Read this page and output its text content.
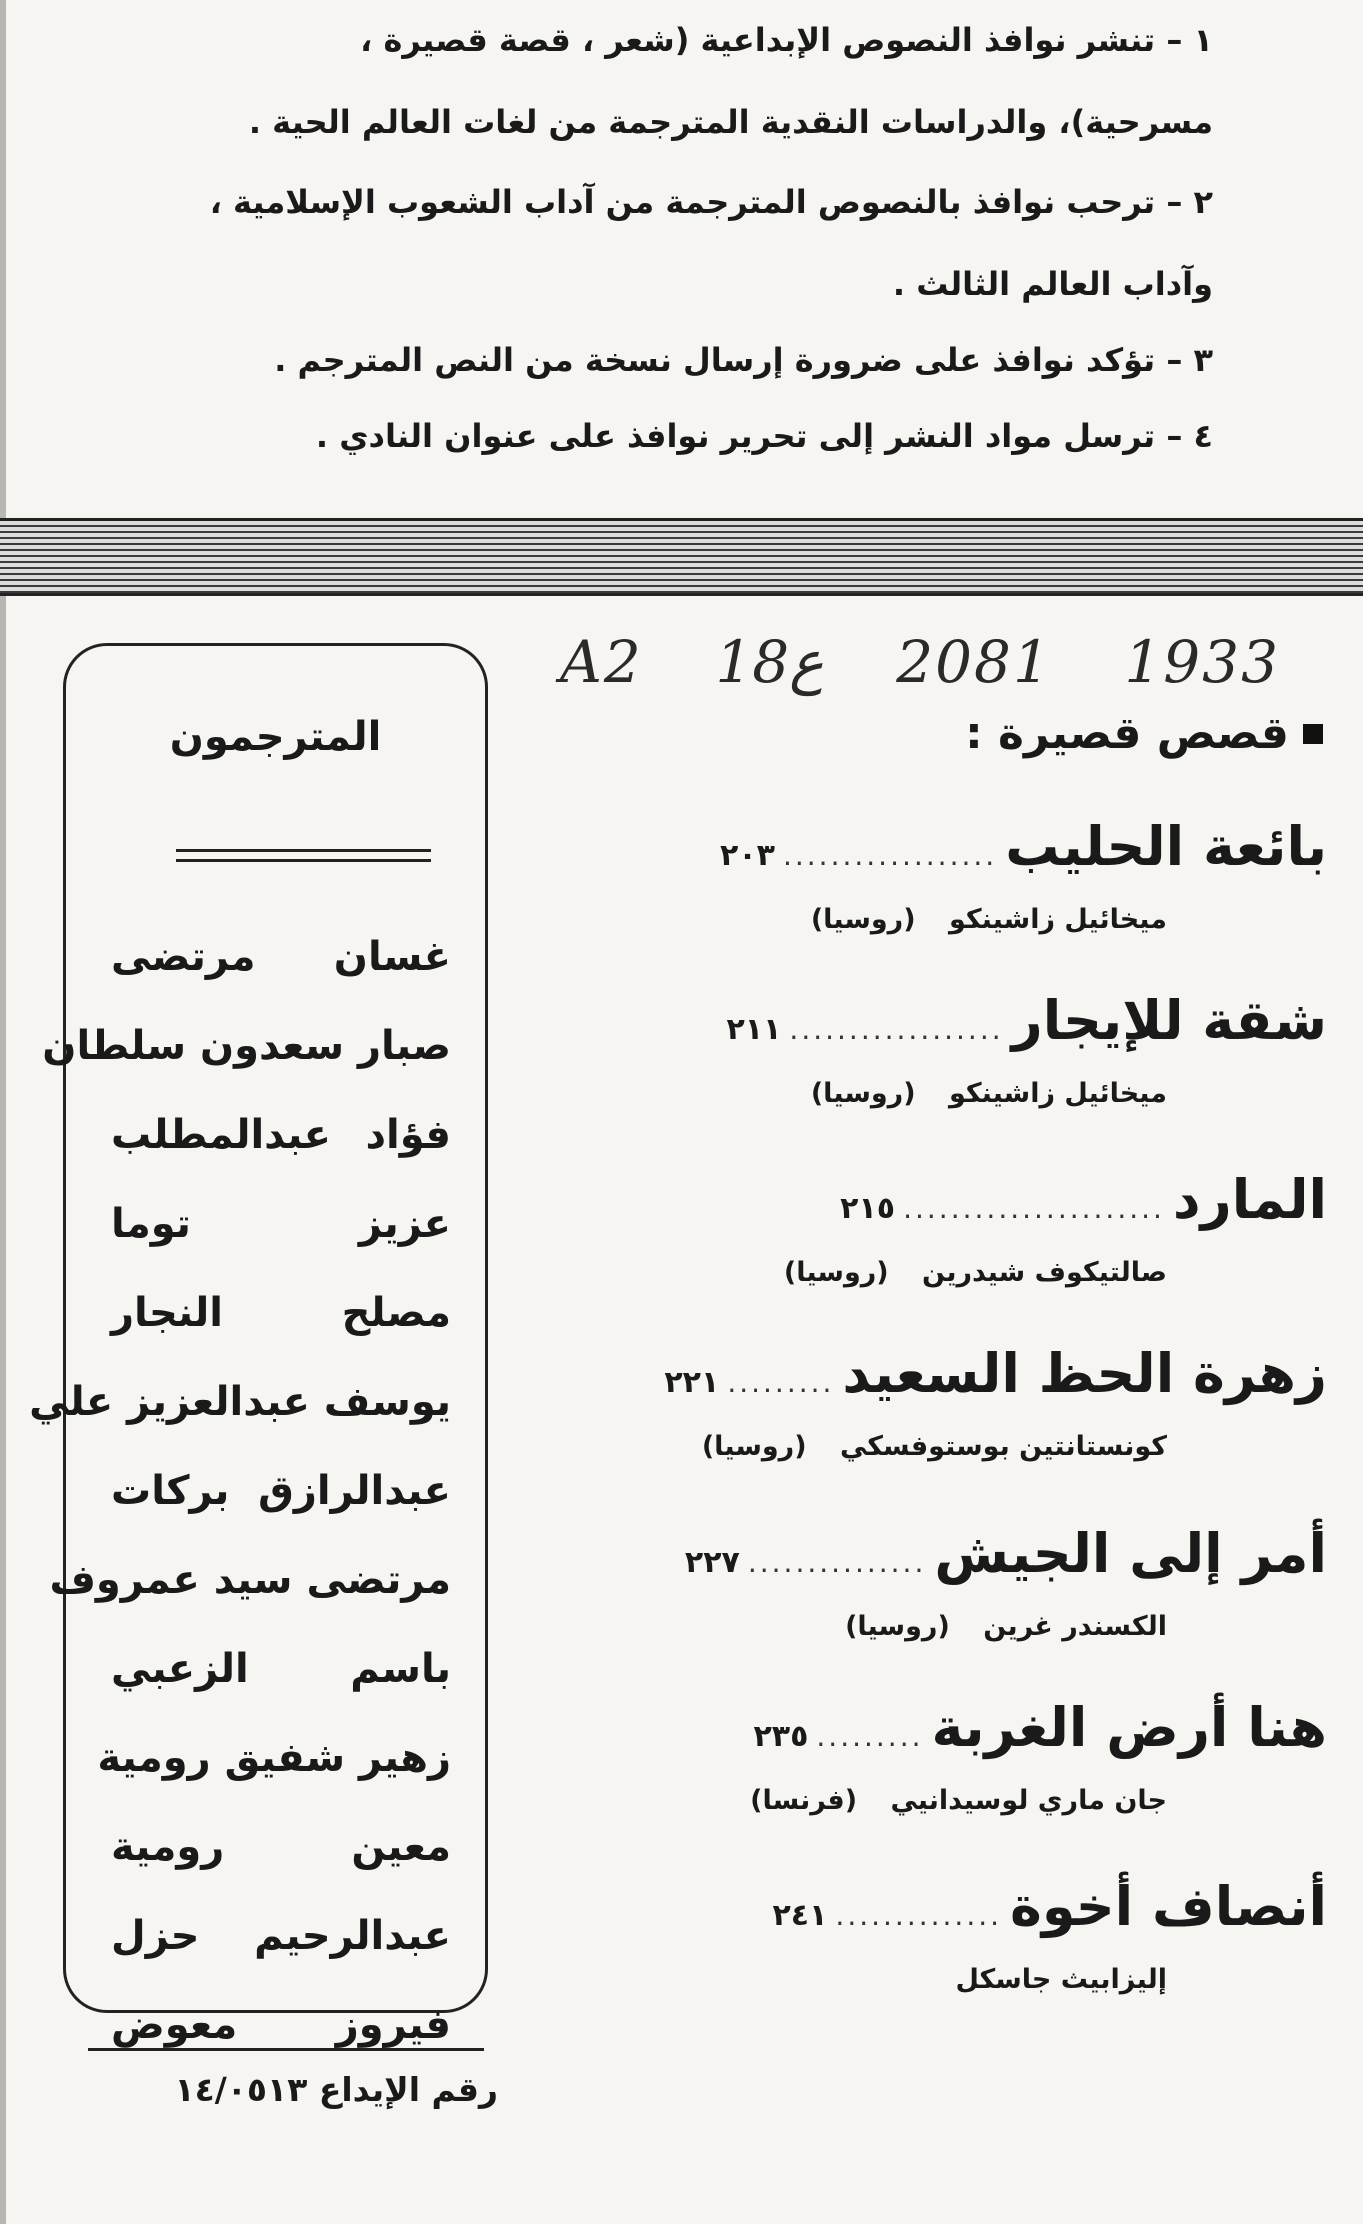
١ – تنشر نوافذ النصوص الإبداعية (شعر ، قصة قصيرة ،
مسرحية)، والدراسات النقدية المترجمة من لغات العالم الحية .
٢ – ترحب نوافذ بالنصوص المترجمة من آداب الشعوب الإسلامية ،
وآداب العالم الثالث .
٣ – تؤكد نوافذ على ضرورة إرسال نسخة من النص المترجم .
٤ – ترسل مواد النشر إلى تحرير نوافذ على عنوان النادي .
A2 18ع 2081 1933
قصص قصيرة :
بائعة الحليب
..................
٢٠٣
ميخائيل زاشينكو (روسيا)
شقة للإيجار
..................
٢١١
ميخائيل زاشينكو (روسيا)
المارد
......................
٢١٥
صالتيكوف شيدرين (روسيا)
زهرة الحظ السعيد
.........
٢٢١
كونستانتين بوستوفسكي (روسيا)
أمر إلى الجيش
...............
٢٢٧
الكسندر غرين (روسيا)
هنا أرض الغربة
.........
٢٣٥
جان ماري لوسيدانيي (فرنسا)
أنصاف أخوة
..............
٢٤١
إليزابيث جاسكل
المترجمون
غسان مرتضى
صبار سعدون سلطان
فؤاد عبدالمطلب
عزيز توما
مصلح النجار
يوسف عبدالعزيز علي
عبدالرازق بركات
مرتضى سيد عمروف
باسم الزعبي
زهير شفيق رومية
معين رومية
عبدالرحيم حزل
فيروز معوض
رقم الإيداع ١٤/٠٥١٣
